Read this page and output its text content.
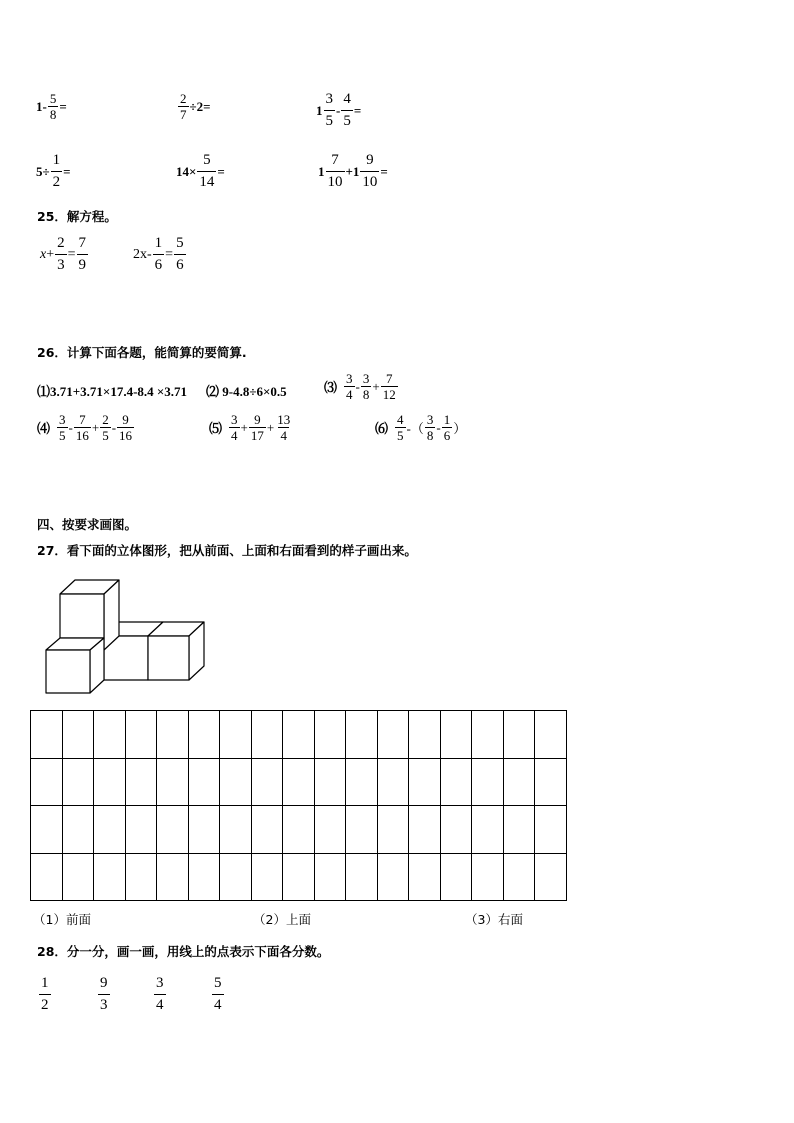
$1- \frac{5}{8}$ =	$\frac{2}{7} \div 2=$	$1 \frac{3}{5} - \frac{4}{5}$ =
$5\div \frac{1}{2}$ =	$14\times \frac{5}{14}$ =	$1 \frac{7}{10} +1 \frac{9}{10}$ =
25．解方程。
$x + \frac{2}{3} = \frac{7}{9}$	$2x- \frac{1}{6} = \frac{5}{6}$
26．计算下面各题，能简算的要简算.
⑴3.71+3.71×17.4-8.4 ×3.71 ⑵ 9-4.8÷6×0.5	⑶ $\frac{3}{4} - \frac{3}{8} + \frac{7}{12}$
⑷ $\frac{3}{5} - \frac{7}{16} + \frac{2}{5} - \frac{9}{16}$	⑸ $\frac{3}{4} + \frac{9}{17} + \frac{13}{4}$	⑹ $\frac{4}{5}$ -（ $\frac{3}{8} - \frac{1}{6}$ ）
四、按要求画图。
27．看下面的立体图形，把从前面、上面和右面看到的样子画出来。

（1）前面	（2）上面	（3）右面
28．分一分，画一画，用线上的点表示下面各分数。
$\frac{1}{2}$	$\frac{9}{3}$	$\frac{3}{4}$	$\frac{5}{4}$
